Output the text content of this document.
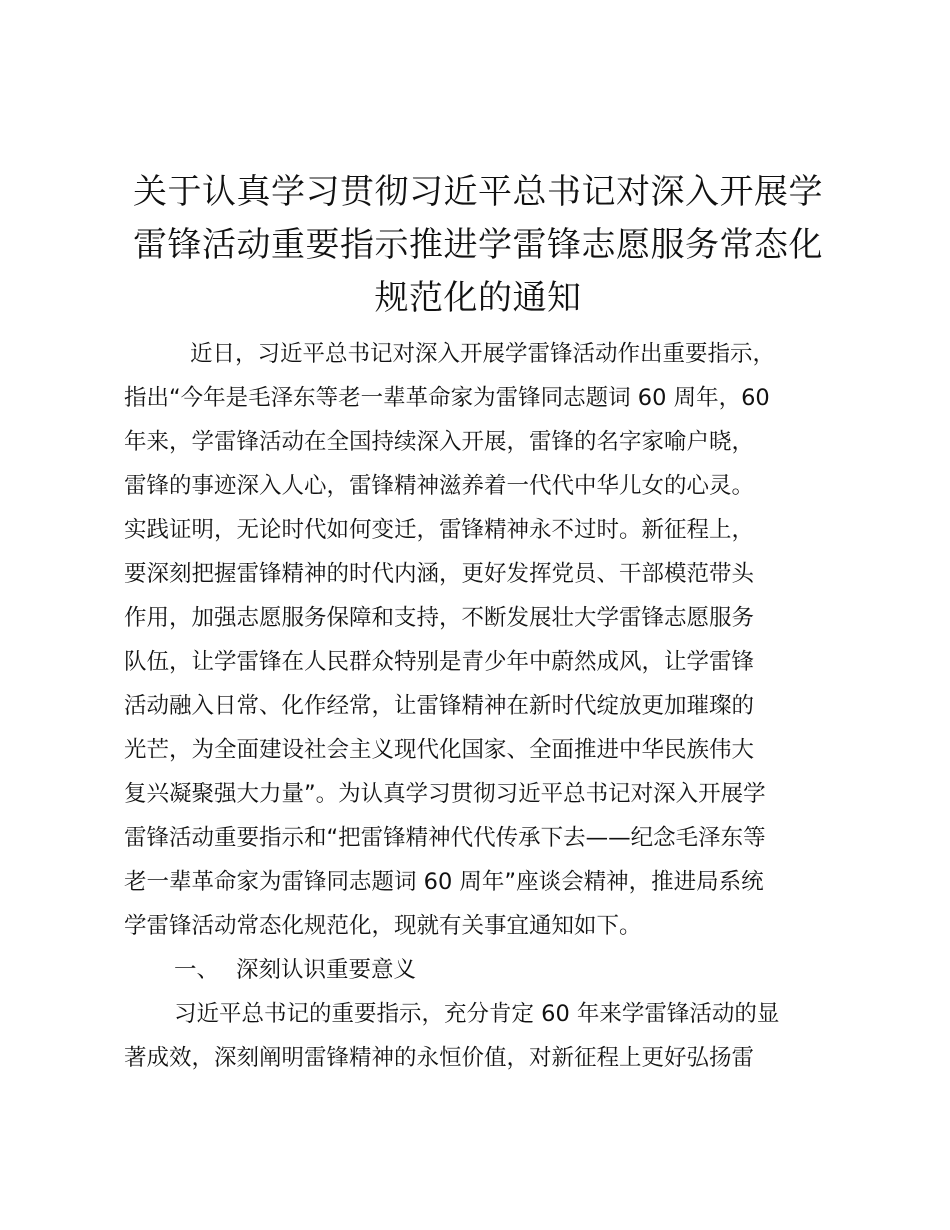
关于认真学习贯彻习近平总书记对深入开展学
雷锋活动重要指示推进学雷锋志愿服务常态化
规范化的通知
近日，习近平总书记对深入开展学雷锋活动作出重要指示，
指出“今年是毛泽东等老一辈革命家为雷锋同志题词 60 周年，60
年来，学雷锋活动在全国持续深入开展，雷锋的名字家喻户晓，
雷锋的事迹深入人心，雷锋精神滋养着一代代中华儿女的心灵。
实践证明，无论时代如何变迁，雷锋精神永不过时。新征程上，
要深刻把握雷锋精神的时代内涵，更好发挥党员、干部模范带头
作用，加强志愿服务保障和支持，不断发展壮大学雷锋志愿服务
队伍，让学雷锋在人民群众特别是青少年中蔚然成风，让学雷锋
活动融入日常、化作经常，让雷锋精神在新时代绽放更加璀璨的
光芒，为全面建设社会主义现代化国家、全面推进中华民族伟大
复兴凝聚强大力量”。为认真学习贯彻习近平总书记对深入开展学
雷锋活动重要指示和“把雷锋精神代代传承下去——纪念毛泽东等
老一辈革命家为雷锋同志题词 60 周年”座谈会精神，推进局系统
学雷锋活动常态化规范化，现就有关事宜通知如下。
一、 深刻认识重要意义
习近平总书记的重要指示，充分肯定 60 年来学雷锋活动的显
著成效，深刻阐明雷锋精神的永恒价值，对新征程上更好弘扬雷
